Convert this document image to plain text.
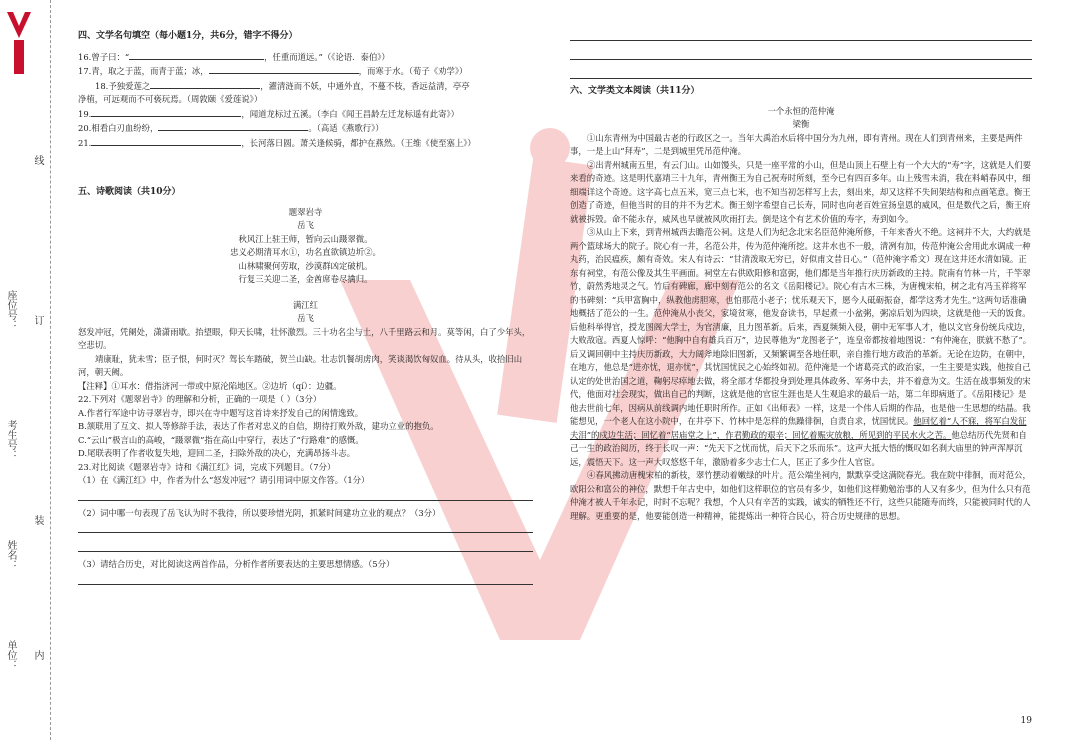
单位：
姓名：
考生号：
座位号：
内
装
订
线
四、文学名句填空（每小题1分，共6分，错字不得分）

16.曾子曰：“	，任重而道远。”（《论语．泰伯》）

17.青，取之于蓝，而青于蓝；冰，	，而寒于水。（荀子《劝学》）

18.予独爱莲之	，濯清涟而不妖，中通外直，不蔓不枝，香远益清，亭亭

净植，可远观而不可亵玩焉。（周敦颐《爱莲说》）

19.	，闻道龙标过五溪。（李白《闻王昌龄左迁龙标遥有此寄》）

20.相看白刃血纷纷，	。（高适《燕歌行》）

21.	，长河落日圆。萧关逢候骑，都护在燕然。（王维《使至塞上》）

五、诗歌阅读（共10分）

题翠岩寺

岳飞

秋风江上驻王师，暂向云山蹑翠微。

忠义必期清耳水①，功名直欲镇边圻②。

山林啸聚何劳取，沙漠群凶定破机。

行复三关迎二圣，金酋席卷尽擒归。

满江红

岳飞

怒发冲冠，凭阑处，潇潇雨歇。抬望眼，仰天长啸，壮怀激烈。三十功名尘与土，八千里路云和月。莫等闲，白了少年头，空悲切。

靖康耻，犹未雪；臣子恨，何时灭？驾长车踏破，贺兰山缺。壮志饥餐胡虏肉，笑谈渴饮匈奴血。待从头，收拾旧山河，朝天阙。

【注释】①耳水：借指济河一带或中原沦陷地区。②边圻（qí）：边疆。

22.下列对《题翠岩寺》的理解和分析，正确的一项是（ ）（3分）

A.作者行军途中访寻翠岩寺，即兴在寺中题写这首诗来抒发自己的闲情逸致。

B.颔联用了互文、拟人等修辞手法，表达了作者对忠义的自信，期待打败外敌，建功立业的抱负。

C.“云山”极言山的高峻，“蹑翠微”指在高山中穿行，表达了“行路难”的感慨。

D.尾联表明了作者收复失地，迎回二圣，扫除外敌的决心，充满昂扬斗志。

23.对比阅读《题翠岩寺》诗和《满江红》词，完成下列题目。（7分）

（1）在《满江红》中，作者为什么“怒发冲冠”？请引用词中原文作答。（1分）

（2）词中哪一句表现了岳飞认为时不我待，所以要珍惜光阴，抓紧时间建功立业的观点？（3分）

（3）请结合历史，对比阅读这两首作品，分析作者所要表达的主要思想情感。（5分）

六、文学类文本阅读（共11分）

一个永恒的范仲淹

梁衡

①山东青州为中国最古老的行政区之一。当年大禹治水后将中国分为九州，即有青州。现在人们到青州来，主要是两件事，一是上山“拜寿”，二是到城里凭吊范仲淹。

②出青州城南五里，有云门山。山如馒头，只是一座平常的小山，但是山顶上石壁上有一个大大的“寿”字，这就是人们要来看的奇迹。这是明代嘉靖三十九年，青州衡王为自己祝寿时所刻，至今已有四百多年。山上残雪未消，我在料峭春风中，细细端详这个奇迹。这字高七点五米，宽三点七米，也不知当初怎样写上去，刻出来，却又这样不失间架结构和点画笔意。衡王创造了奇迹，但他当时的目的并不为艺术。衡王刻字希望自己长寿，同时也向老百姓宣扬皇恩的威风，但是数代之后，衡王府就被拆毁。命不能永存，威风也早就被风吹雨打去。倒是这个有艺术价值的寿字，寿到如今。

③从山上下来，到青州城西去瞻范公祠。这是人们为纪念北宋名臣范仲淹所修，千年来香火不绝。这祠并不大，大约就是两个篮球场大的院子。院心有一井，名范公井，传为范仲淹所挖。这井水也不一般，清冽有加，传范仲淹公舍用此水调成一种丸药，治民瘟疾，颇有奇效。宋人有诗云：“甘清泼取无穷已，好似甫文昔日心。”（范仲淹字希文）现在这井还水清如镜。正东有祠堂，有范公像及其生平画面。祠堂左右供欧阳修和富弼，他们都是当年推行庆历新政的主持。院南有竹林一片，千竿翠竹，蔚然秀地灵之气。竹后有碑廊，廊中刻有范公的名文《岳阳楼记》。院心有古木三株，为唐槐宋柏，树之北有冯玉祥将军的书碑刻：“兵甲富胸中，纵教他虏胆寒，也怕那范小老子；忧乐观天下，愿今人砥砺振奋，都学这秀才先生。”这两句话准确地概括了范公的一生。范仲淹从小丧父，家境贫寒，他发奋读书，早起煮一小盆粥，粥凉后划为四块，这就是他一天的饭食。后他科举得官，授龙图阁大学士，为官清廉，且力图革新。后来，西夏频频入侵，朝中无军事人才，他以文官身份统兵戍边，大败敌寇。西夏人惊呼：“他胸中自有雄兵百万”，边民尊他为“龙图老子”，连皇帝都按着地图说：“有仲淹在，朕就不愁了”。后又调回朝中主持庆历新政，大力阔斧地除旧图新，又频繁调至各地任职，亲自推行地方政治的革新。无论在边防，在朝中，在地方，他总是“进亦忧，退亦忧”，其忧国忧民之心始终如初。范仲淹是一个诸葛亮式的政治家，一生主要是实践，他按自己认定的处世治国之道，鞠躬尽瘁地去做，将全部才华都投身到处理具体政务、军务中去，并不着意为文。生活在战事频发的宋代，他面对社会现实，做出自己的判断，这就是他的官宦生涯也是人生观追求的最后一站，第二年即病逝了。《岳阳楼记》是他去世前七年，因病从前线调内地任职时所作。正如《出师表》一样，这是一个伟人后期的作品，也是他一生思想的结晶。我能想见，一个老人在这小院中，在井亭下、竹林中是怎样的焦躁徘徊，自责自求，忧国忧民。他回忆着“人不寐，将军白发征夫泪”的戍边生活；回忆着“居庙堂之上”，作君勤政的艰辛；回忆着赈灾放粮，所见到的平民水火之苦。他总结历代先贤和自己一生的政治阅历，终于长叹一声：“先天下之忧而忧，后天下之乐而乐”。这声大抵大悟的慨叹如名刹大庙里的钟声浑厚沉远，震悟天下。这一声大叹悠悠千年，激励着多少志士仁人，匡正了多少仕人官宦。

④春风拂动唐槐宋柏的新枝，翠竹摆动着嫩绿的叶片。范公端坐祠内，默默享受这满院春光。我在院中徘徊，而对范公，欧阳公和富公的神位，默想千年古史中，如他们这样职位的官员有多少，如他们这样勤勉治事的人又有多少，但为什么只有范仲淹才被人千年永记，时时不忘呢？我想，个人只有辛苦的实践，诚实的牺牲还不行，这些只能随寿而终，只能被同时代的人理解。更重要的是，他要能创造一种精神，能提炼出一种符合民心，符合历史规律的思想。

19
